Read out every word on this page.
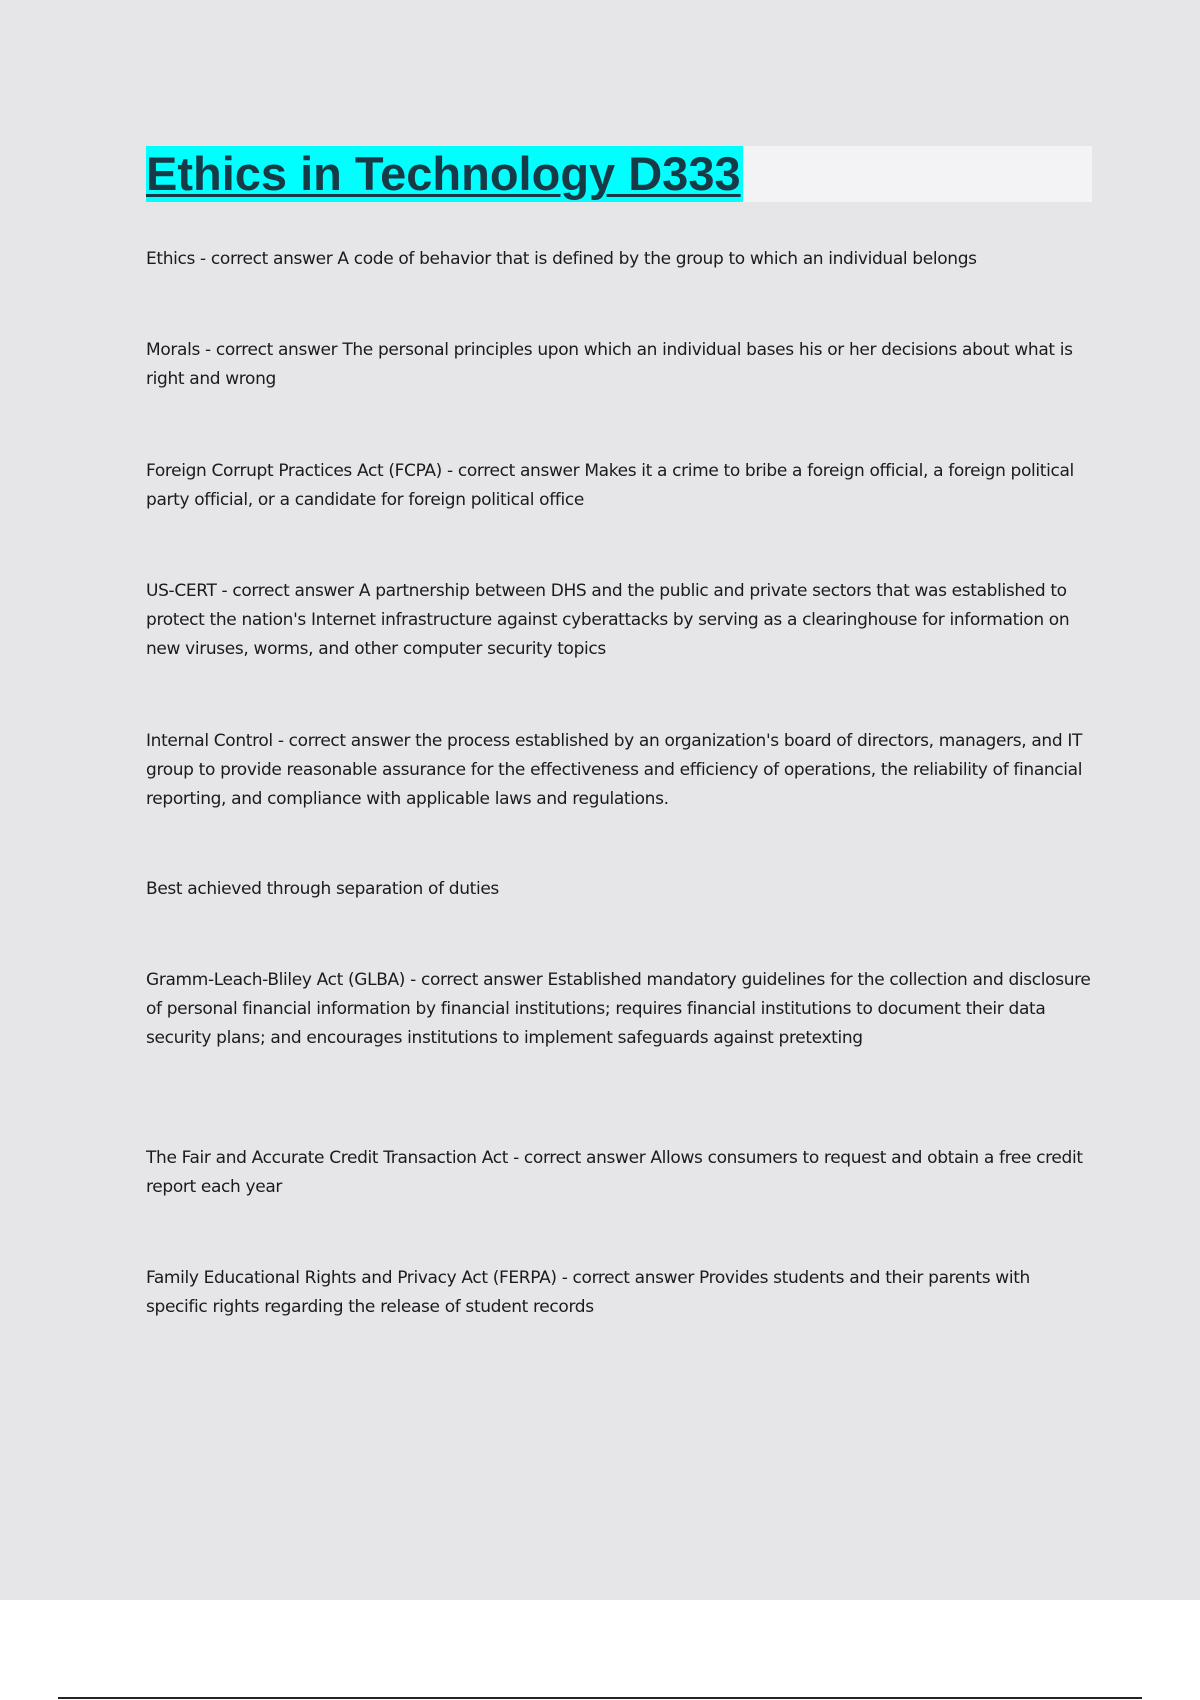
Ethics in Technology D333

Ethics - correct answer A code of behavior that is defined by the group to which an individual belongs

Morals - correct answer The personal principles upon which an individual bases his or her decisions about what is right and wrong

Foreign Corrupt Practices Act (FCPA) - correct answer Makes it a crime to bribe a foreign official, a foreign political party official, or a candidate for foreign political office

US-CERT - correct answer A partnership between DHS and the public and private sectors that was established to protect the nation's Internet infrastructure against cyberattacks by serving as a clearinghouse for information on new viruses, worms, and other computer security topics

Internal Control - correct answer the process established by an organization's board of directors, managers, and IT group to provide reasonable assurance for the effectiveness and efficiency of operations, the reliability of financial reporting, and compliance with applicable laws and regulations.

Best achieved through separation of duties

Gramm-Leach-Bliley Act (GLBA) - correct answer Established mandatory guidelines for the collection and disclosure of personal financial information by financial institutions; requires financial institutions to document their data security plans; and encourages institutions to implement safeguards against pretexting

The Fair and Accurate Credit Transaction Act - correct answer Allows consumers to request and obtain a free credit report each year

Family Educational Rights and Privacy Act (FERPA) - correct answer Provides students and their parents with specific rights regarding the release of student records
